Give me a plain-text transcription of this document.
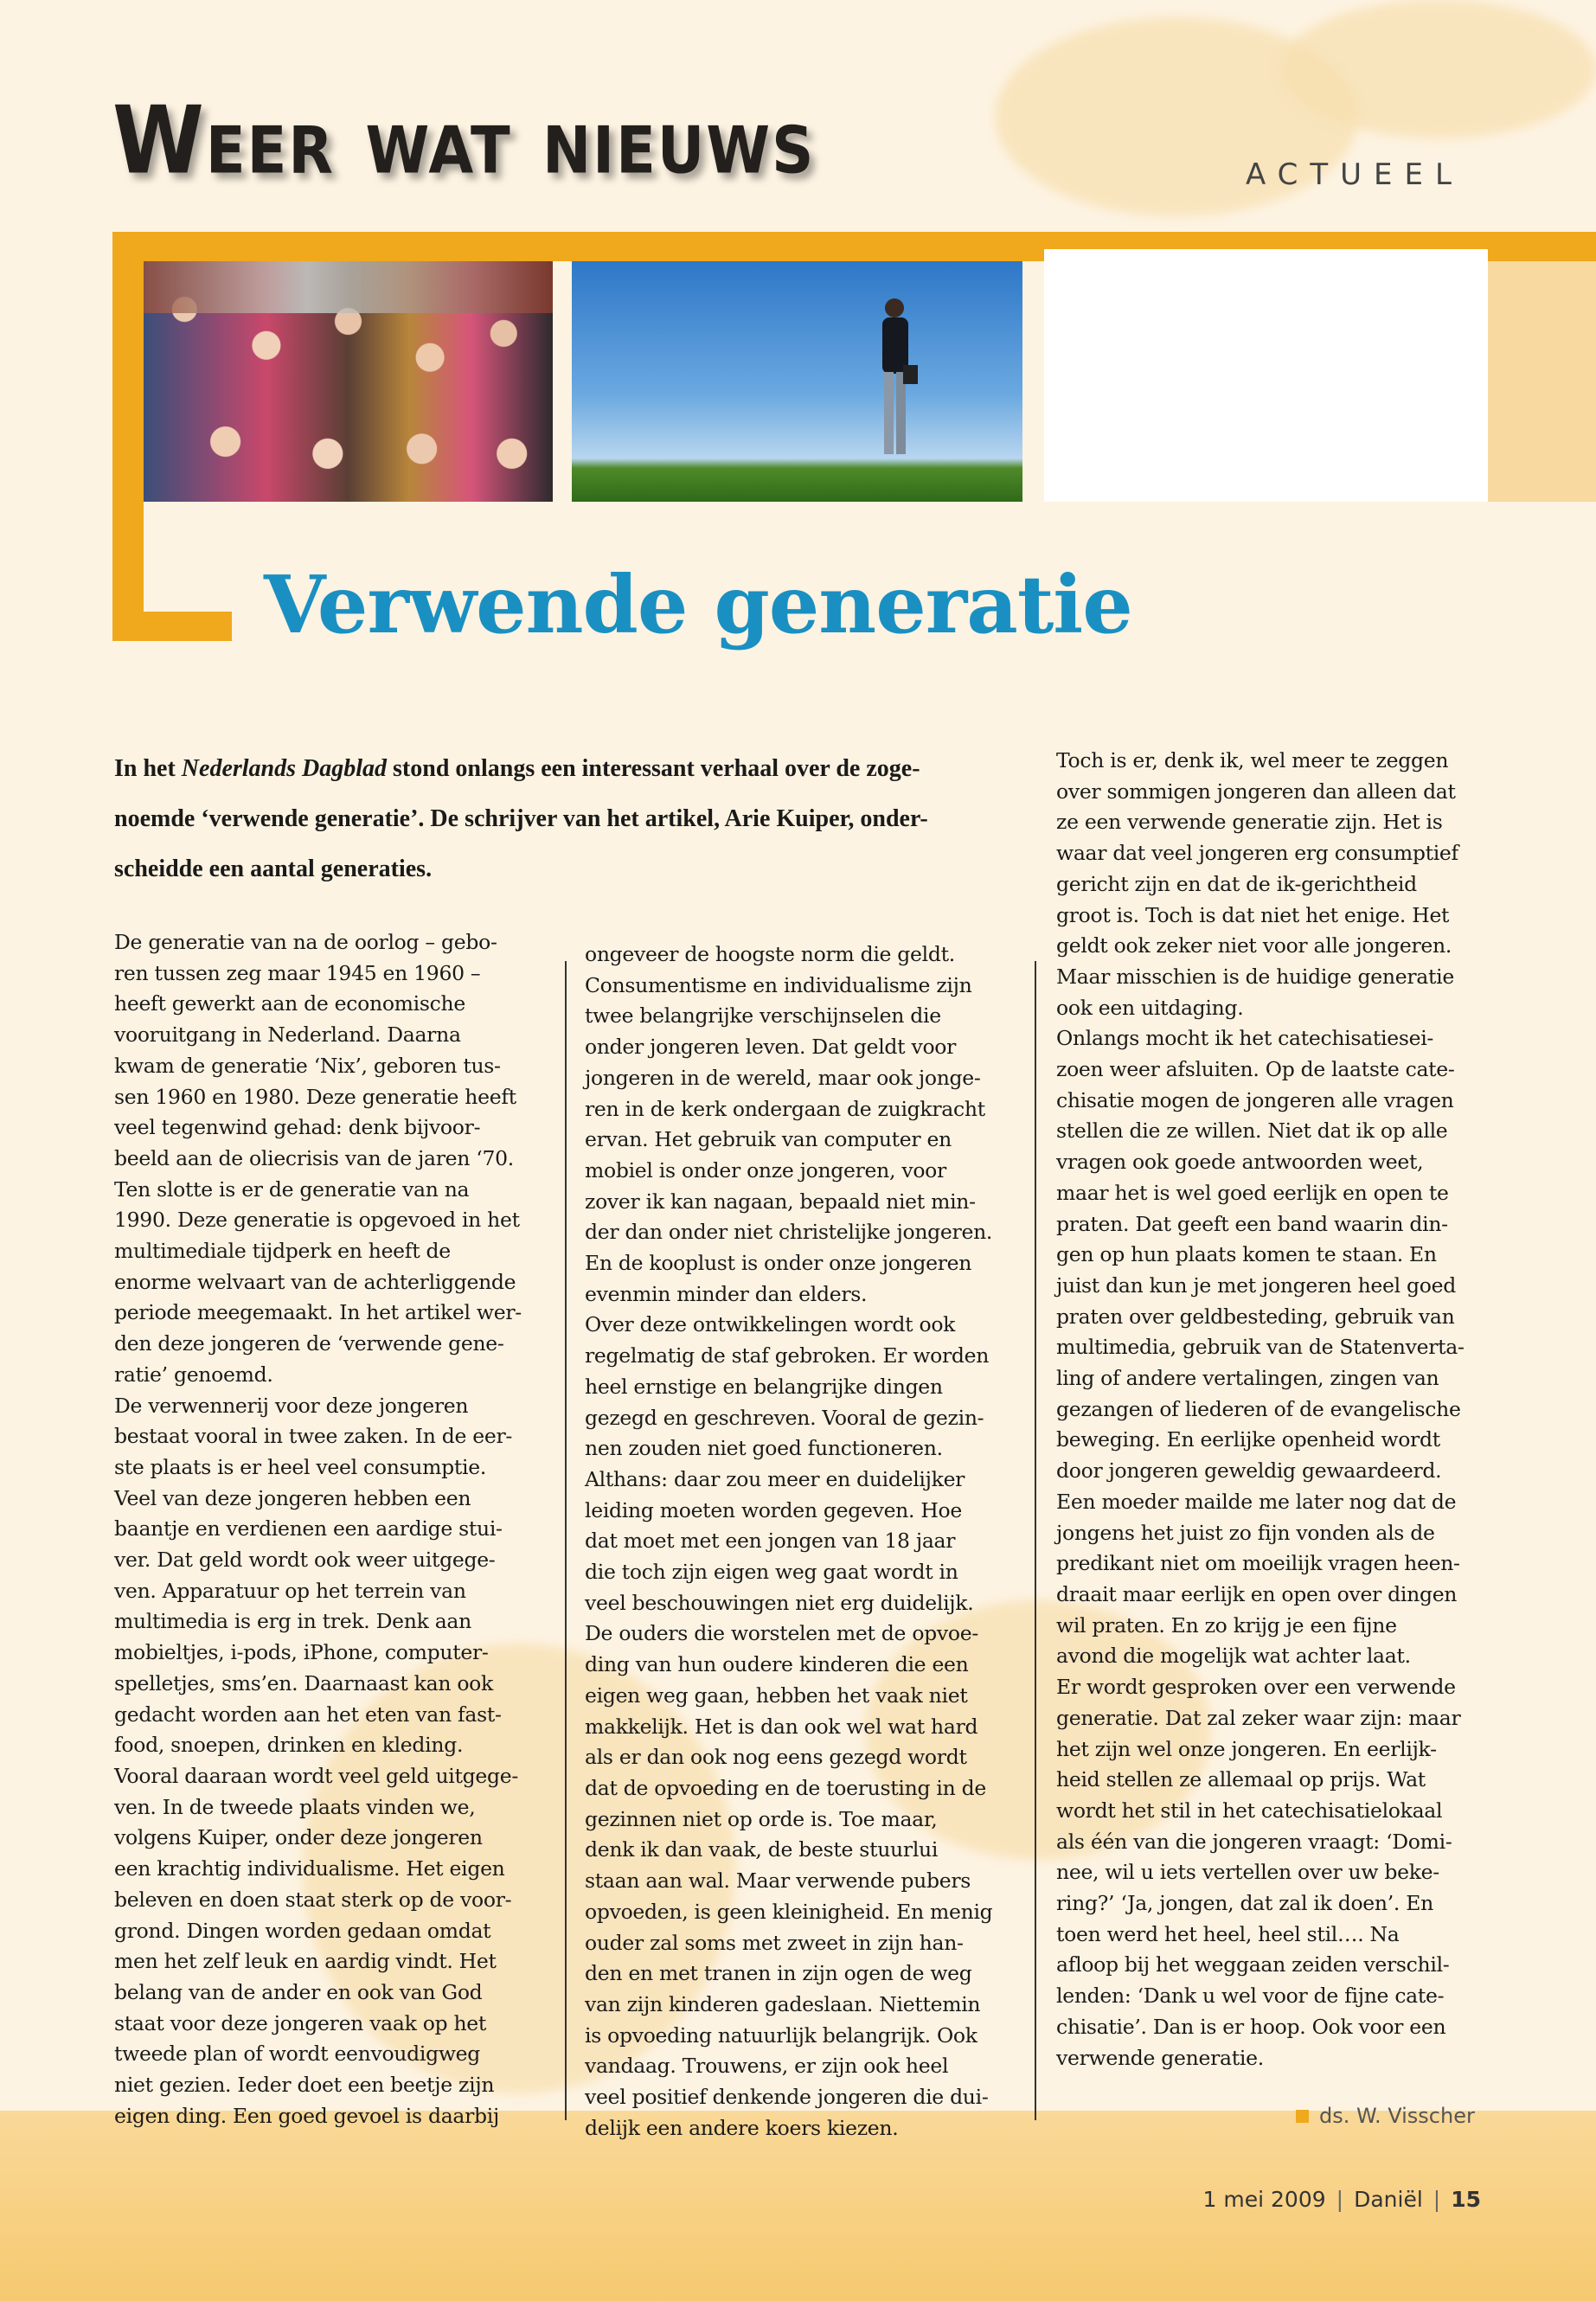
Weer wat nieuws	ACTUEEL
Verwende generatie
In het Nederlands Dagblad stond onlangs een interessant verhaal over de zoge-
noemde ‘verwende generatie’. De schrijver van het artikel, Arie Kuiper, onder-
scheidde een aantal generaties.
De generatie van na de oorlog – gebo-
ren tussen zeg maar 1945 en 1960 –
heeft gewerkt aan de economische
vooruitgang in Nederland. Daarna
kwam de generatie ‘Nix’, geboren tus-
sen 1960 en 1980. Deze generatie heeft
veel tegenwind gehad: denk bijvoor-
beeld aan de oliecrisis van de jaren ‘70.
Ten slotte is er de generatie van na
1990. Deze generatie is opgevoed in het
multimediale tijdperk en heeft de
enorme welvaart van de achterliggende
periode meegemaakt. In het artikel wer-
den deze jongeren de ‘verwende gene-
ratie’ genoemd.
De verwennerij voor deze jongeren
bestaat vooral in twee zaken. In de eer-
ste plaats is er heel veel consumptie.
Veel van deze jongeren hebben een
baantje en verdienen een aardige stui-
ver. Dat geld wordt ook weer uitgege-
ven. Apparatuur op het terrein van
multimedia is erg in trek. Denk aan
mobieltjes, i-pods, iPhone, computer-
spelletjes, sms’en. Daarnaast kan ook
gedacht worden aan het eten van fast-
food, snoepen, drinken en kleding.
Vooral daaraan wordt veel geld uitgege-
ven. In de tweede plaats vinden we,
volgens Kuiper, onder deze jongeren
een krachtig individualisme. Het eigen
beleven en doen staat sterk op de voor-
grond. Dingen worden gedaan omdat
men het zelf leuk en aardig vindt. Het
belang van de ander en ook van God
staat voor deze jongeren vaak op het
tweede plan of wordt eenvoudigweg
niet gezien. Ieder doet een beetje zijn
eigen ding. Een goed gevoel is daarbij
ongeveer de hoogste norm die geldt.
Consumentisme en individualisme zijn
twee belangrijke verschijnselen die
onder jongeren leven. Dat geldt voor
jongeren in de wereld, maar ook jonge-
ren in de kerk ondergaan de zuigkracht
ervan. Het gebruik van computer en
mobiel is onder onze jongeren, voor
zover ik kan nagaan, bepaald niet min-
der dan onder niet christelijke jongeren.
En de kooplust is onder onze jongeren
evenmin minder dan elders.
Over deze ontwikkelingen wordt ook
regelmatig de staf gebroken. Er worden
heel ernstige en belangrijke dingen
gezegd en geschreven. Vooral de gezin-
nen zouden niet goed functioneren.
Althans: daar zou meer en duidelijker
leiding moeten worden gegeven. Hoe
dat moet met een jongen van 18 jaar
die toch zijn eigen weg gaat wordt in
veel beschouwingen niet erg duidelijk.
De ouders die worstelen met de opvoe-
ding van hun oudere kinderen die een
eigen weg gaan, hebben het vaak niet
makkelijk. Het is dan ook wel wat hard
als er dan ook nog eens gezegd wordt
dat de opvoeding en de toerusting in de
gezinnen niet op orde is. Toe maar,
denk ik dan vaak, de beste stuurlui
staan aan wal. Maar verwende pubers
opvoeden, is geen kleinigheid. En menig
ouder zal soms met zweet in zijn han-
den en met tranen in zijn ogen de weg
van zijn kinderen gadeslaan. Niettemin
is opvoeding natuurlijk belangrijk. Ook
vandaag. Trouwens, er zijn ook heel
veel positief denkende jongeren die dui-
delijk een andere koers kiezen.
Toch is er, denk ik, wel meer te zeggen
over sommigen jongeren dan alleen dat
ze een verwende generatie zijn. Het is
waar dat veel jongeren erg consumptief
gericht zijn en dat de ik-gerichtheid
groot is. Toch is dat niet het enige. Het
geldt ook zeker niet voor alle jongeren.
Maar misschien is de huidige generatie
ook een uitdaging.
Onlangs mocht ik het catechisatiesei-
zoen weer afsluiten. Op de laatste cate-
chisatie mogen de jongeren alle vragen
stellen die ze willen. Niet dat ik op alle
vragen ook goede antwoorden weet,
maar het is wel goed eerlijk en open te
praten. Dat geeft een band waarin din-
gen op hun plaats komen te staan. En
juist dan kun je met jongeren heel goed
praten over geldbesteding, gebruik van
multimedia, gebruik van de Statenverta-
ling of andere vertalingen, zingen van
gezangen of liederen of de evangelische
beweging. En eerlijke openheid wordt
door jongeren geweldig gewaardeerd.
Een moeder mailde me later nog dat de
jongens het juist zo fijn vonden als de
predikant niet om moeilijk vragen heen-
draait maar eerlijk en open over dingen
wil praten. En zo krijg je een fijne
avond die mogelijk wat achter laat.
Er wordt gesproken over een verwende
generatie. Dat zal zeker waar zijn: maar
het zijn wel onze jongeren. En eerlijk-
heid stellen ze allemaal op prijs. Wat
wordt het stil in het catechisatielokaal
als één van die jongeren vraagt: ‘Domi-
nee, wil u iets vertellen over uw beke-
ring?’ ‘Ja, jongen, dat zal ik doen’. En
toen werd het heel, heel stil…. Na
afloop bij het weggaan zeiden verschil-
lenden: ‘Dank u wel voor de fijne cate-
chisatie’. Dan is er hoop. Ook voor een
verwende generatie.
ds. W. Visscher
1 mei 2009 | Daniël | 15
